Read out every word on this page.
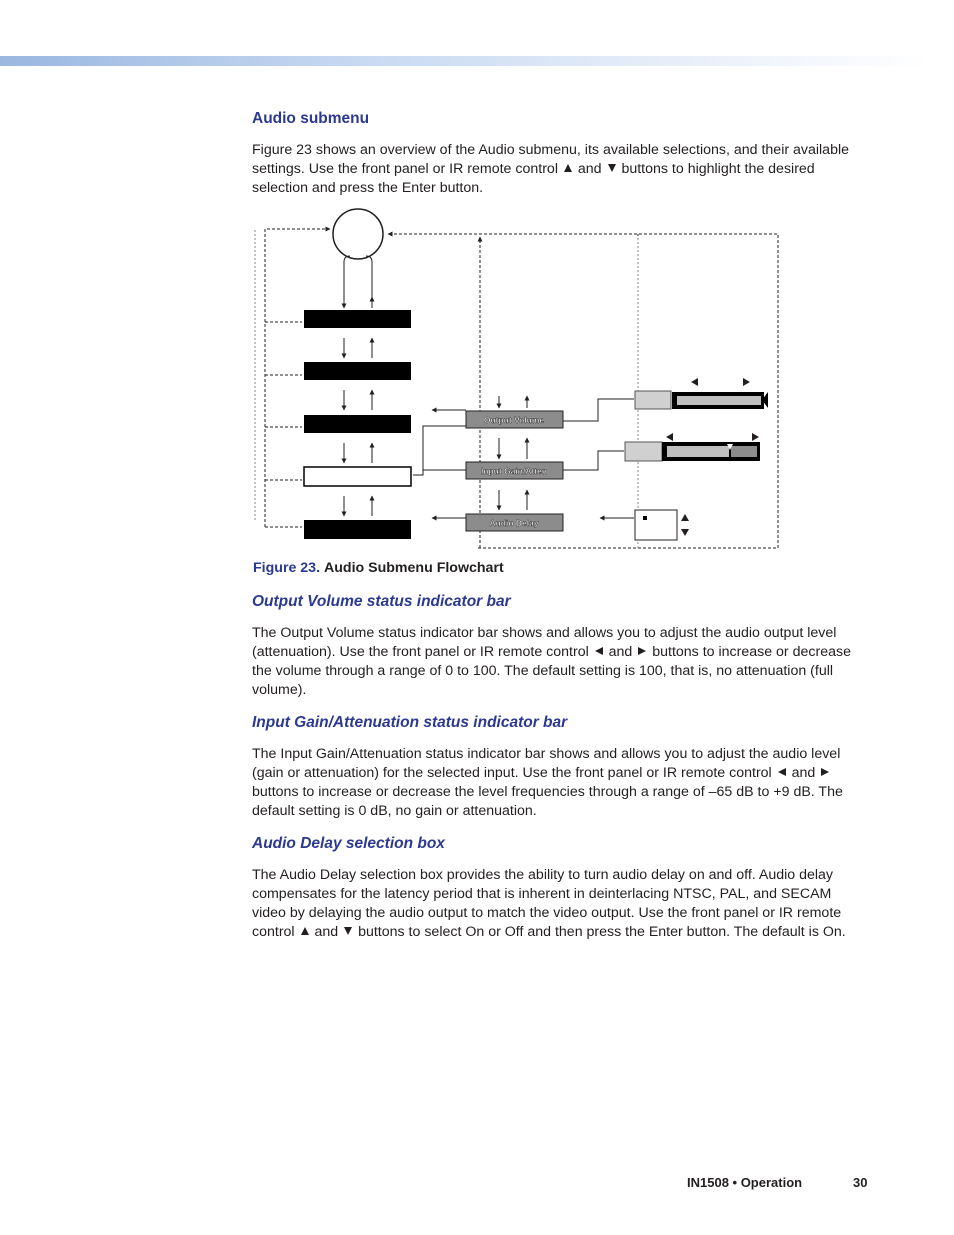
Audio submenu

Figure 23 shows an overview of the Audio submenu, its available selections, and their available settings. Use the front panel or IR remote control and buttons to highlight the desired selection and press the Enter button.

Output Volume
Input Gain/Atten
Audio Delay
Figure 23. Audio Submenu Flowchart
Output Volume status indicator bar

The Output Volume status indicator bar shows and allows you to adjust the audio output level (attenuation). Use the front panel or IR remote control and buttons to increase or decrease the volume through a range of 0 to 100. The default setting is 100, that is, no attenuation (full volume).

Input Gain/Attenuation status indicator bar

The Input Gain/Attenuation status indicator bar shows and allows you to adjust the audio level (gain or attenuation) for the selected input. Use the front panel or IR remote control and  buttons to increase or decrease the level frequencies through a range of –65 dB to +9 dB. The default setting is 0 dB, no gain or attenuation.

Audio Delay selection box

The Audio Delay selection box provides the ability to turn audio delay on and off. Audio delay compensates for the latency period that is inherent in deinterlacing NTSC, PAL, and SECAM video by delaying the audio output to match the video output. Use the front panel or IR remote control and buttons to select On or Off and then press the Enter button. The default is On.

IN1508 • Operation	30
